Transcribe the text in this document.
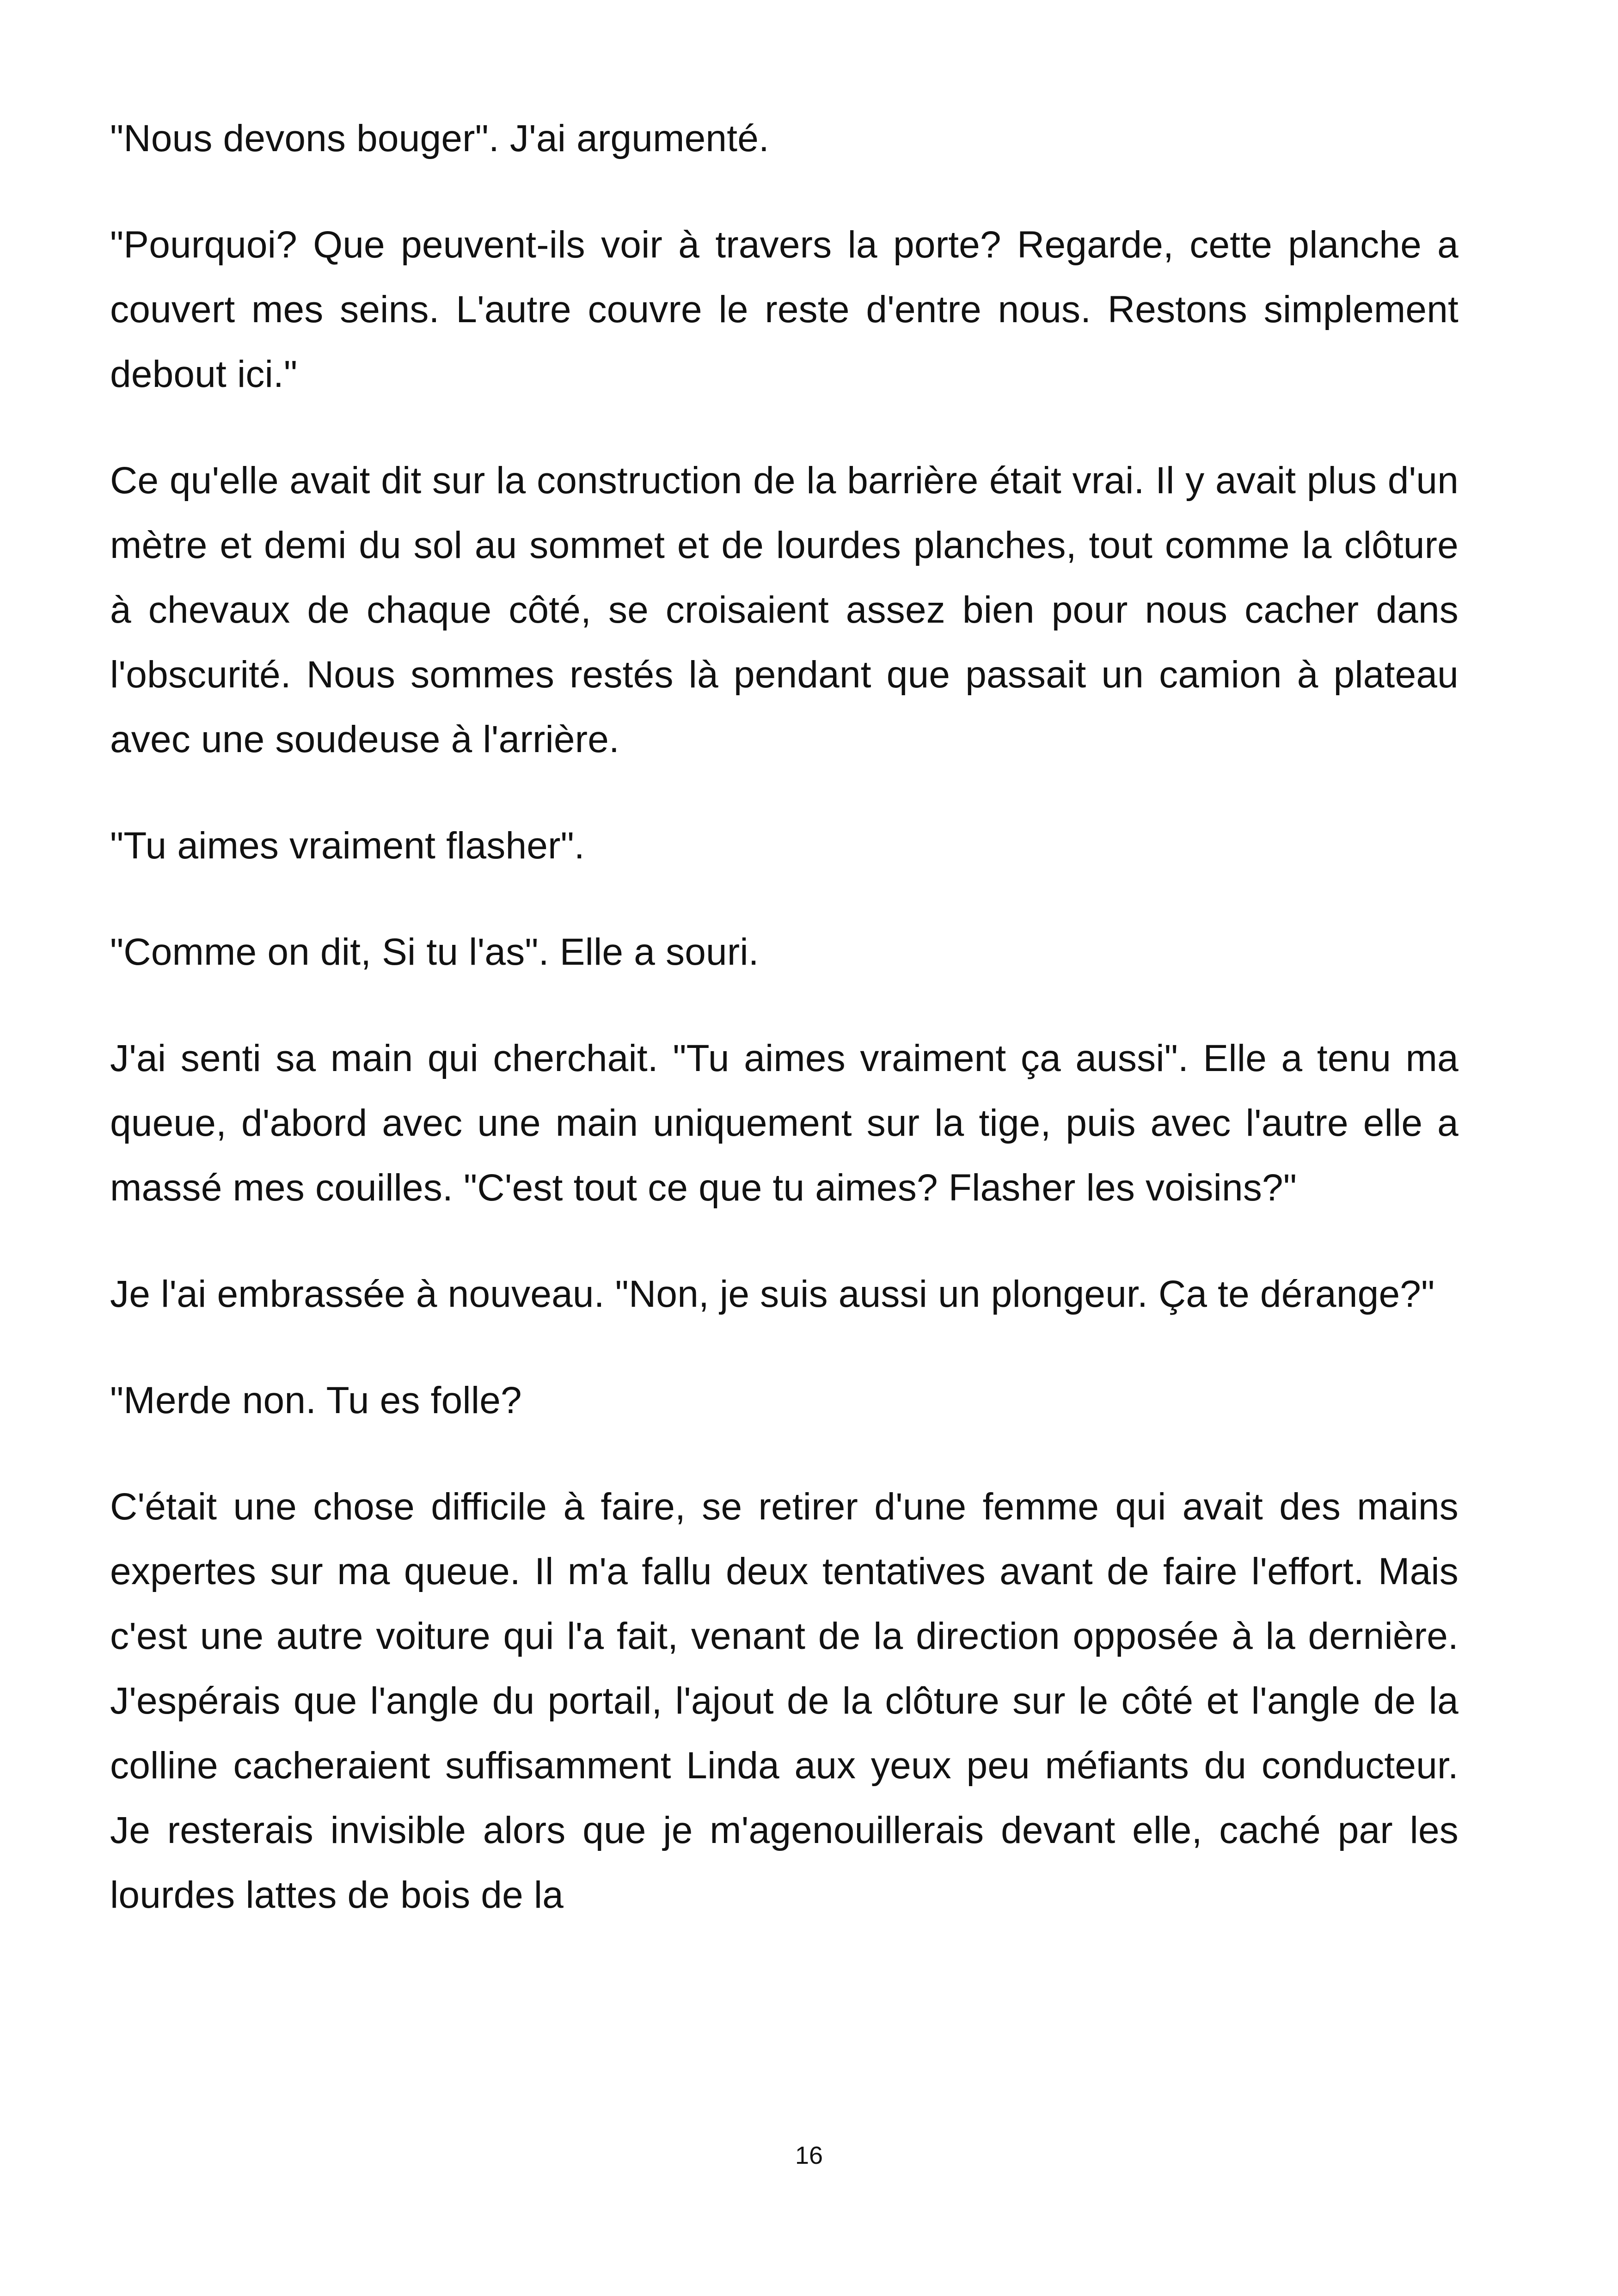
"Nous devons bouger". J'ai argumenté.

"Pourquoi? Que peuvent-ils voir à travers la porte? Regarde, cette planche a couvert mes seins. L'autre couvre le reste d'entre nous. Restons simplement debout ici."

Ce qu'elle avait dit sur la construction de la barrière était vrai. Il y avait plus d'un mètre et demi du sol au sommet et de lourdes planches, tout comme la clôture à chevaux de chaque côté, se croisaient assez bien pour nous cacher dans l'obscurité. Nous sommes restés là pendant que passait un camion à plateau avec une soudeuse à l'arrière.

"Tu aimes vraiment flasher".

"Comme on dit, Si tu l'as". Elle a souri.

J'ai senti sa main qui cherchait. "Tu aimes vraiment ça aussi". Elle a tenu ma queue, d'abord avec une main uniquement sur la tige, puis avec l'autre elle a massé mes couilles. "C'est tout ce que tu aimes? Flasher les voisins?"

Je l'ai embrassée à nouveau. "Non, je suis aussi un plongeur. Ça te dérange?"

"Merde non. Tu es folle?

C'était une chose difficile à faire, se retirer d'une femme qui avait des mains expertes sur ma queue. Il m'a fallu deux tentatives avant de faire l'effort. Mais c'est une autre voiture qui l'a fait, venant de la direction opposée à la dernière. J'espérais que l'angle du portail, l'ajout de la clôture sur le côté et l'angle de la colline cacheraient suffisamment Linda aux yeux peu méfiants du conducteur. Je resterais invisible alors que je m'agenouillerais devant elle, caché par les lourdes lattes de bois de la

16
